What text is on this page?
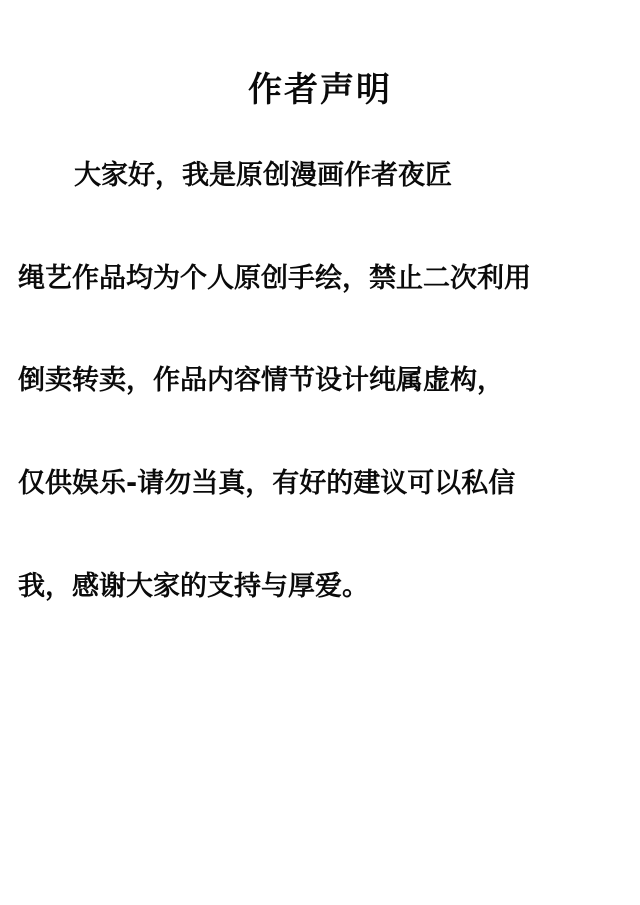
作者声明

大家好，我是原创漫画作者夜匠

绳艺作品均为个人原创手绘，禁止二次利用

倒卖转卖，作品内容情节设计纯属虚构，

仅供娱乐-请勿当真，有好的建议可以私信

我，感谢大家的支持与厚爱。
